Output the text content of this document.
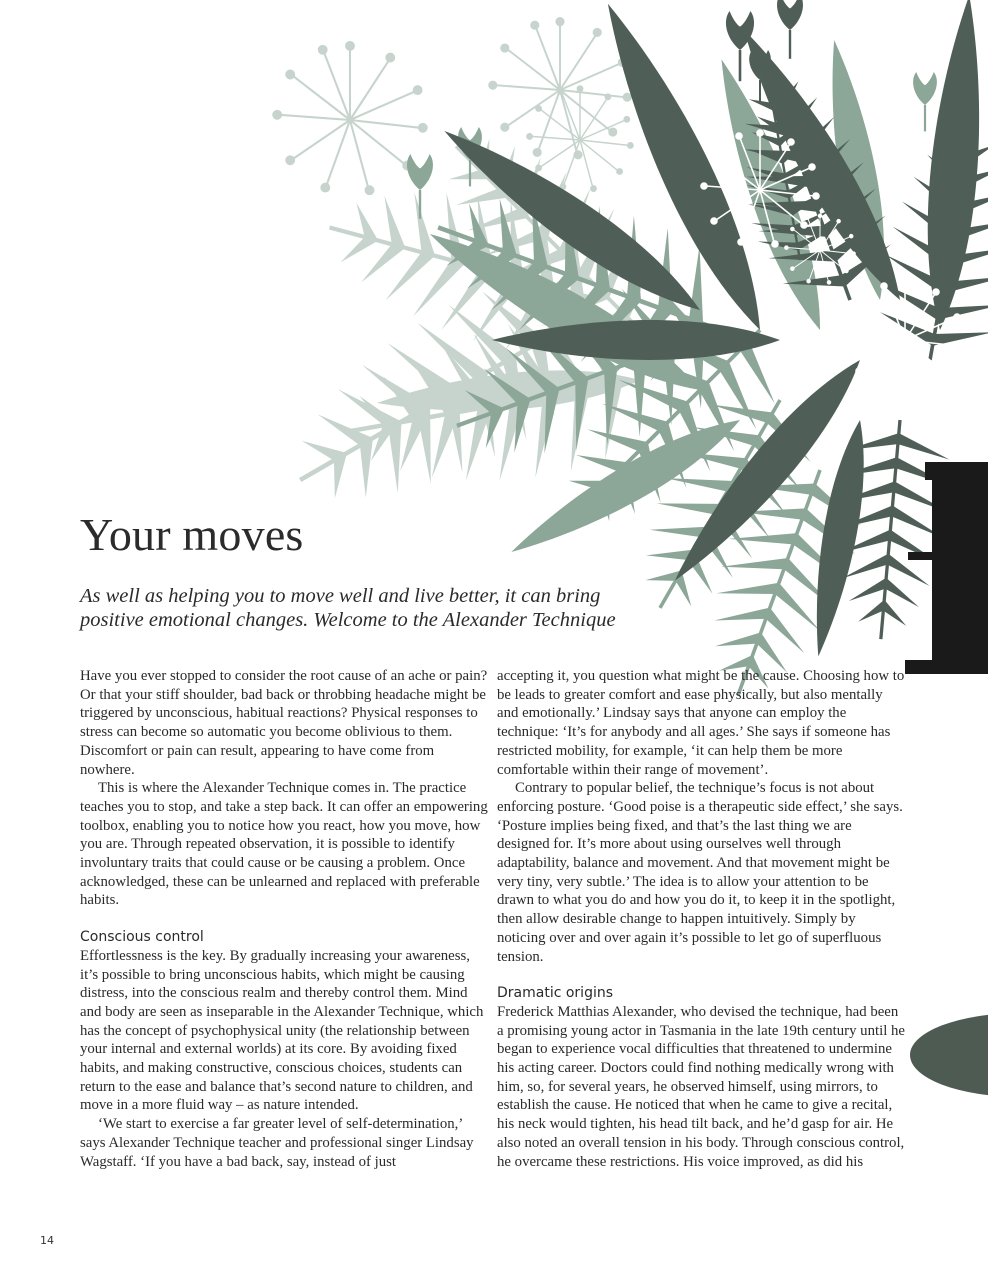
Your moves

As well as helping you to move well and live better, it can bring positive emotional changes. Welcome to the Alexander Technique

Have you ever stopped to consider the root cause of an ache or pain? Or that your stiff shoulder, bad back or throbbing headache might be triggered by unconscious, habitual reactions? Physical responses to stress can become so automatic you become oblivious to them. Discomfort or pain can result, appearing to have come from nowhere.

This is where the Alexander Technique comes in. The practice teaches you to stop, and take a step back. It can offer an empowering toolbox, enabling you to notice how you react, how you move, how you are. Through repeated observation, it is possible to identify involuntary traits that could cause or be causing a problem. Once acknowledged, these can be unlearned and replaced with preferable habits.

Conscious control

Effortlessness is the key. By gradually increasing your awareness, it’s possible to bring unconscious habits, which might be causing distress, into the conscious realm and thereby control them. Mind and body are seen as inseparable in the Alexander Technique, which has the concept of psychophysical unity (the relationship between your internal and external worlds) at its core. By avoiding fixed habits, and making constructive, conscious choices, students can return to the ease and balance that’s second nature to children, and move in a more fluid way – as nature intended.

‘We start to exercise a far greater level of self-determination,’ says Alexander Technique teacher and professional singer Lindsay Wagstaff. ‘If you have a bad back, say, instead of just

accepting it, you question what might be the cause. Choosing how to be leads to greater comfort and ease physically, but also mentally and emotionally.’ Lindsay says that anyone can employ the technique: ‘It’s for anybody and all ages.’ She says if someone has restricted mobility, for example, ‘it can help them be more comfortable within their range of movement’.

Contrary to popular belief, the technique’s focus is not about enforcing posture. ‘Good poise is a therapeutic side effect,’ she says. ‘Posture implies being fixed, and that’s the last thing we are designed for. It’s more about using ourselves well through adaptability, balance and movement. And that movement might be very tiny, very subtle.’ The idea is to allow your attention to be drawn to what you do and how you do it, to keep it in the spotlight, then allow desirable change to happen intuitively. Simply by noticing over and over again it’s possible to let go of superfluous tension.

Dramatic origins

Frederick Matthias Alexander, who devised the technique, had been a promising young actor in Tasmania in the late 19th century until he began to experience vocal difficulties that threatened to undermine his acting career. Doctors could find nothing medically wrong with him, so, for several years, he observed himself, using mirrors, to establish the cause. He noticed that when he came to give a recital, his neck would tighten, his head tilt back, and he’d gasp for air. He also noted an overall tension in his body. Through conscious control, he overcame these restrictions. His voice improved, as did his

14
